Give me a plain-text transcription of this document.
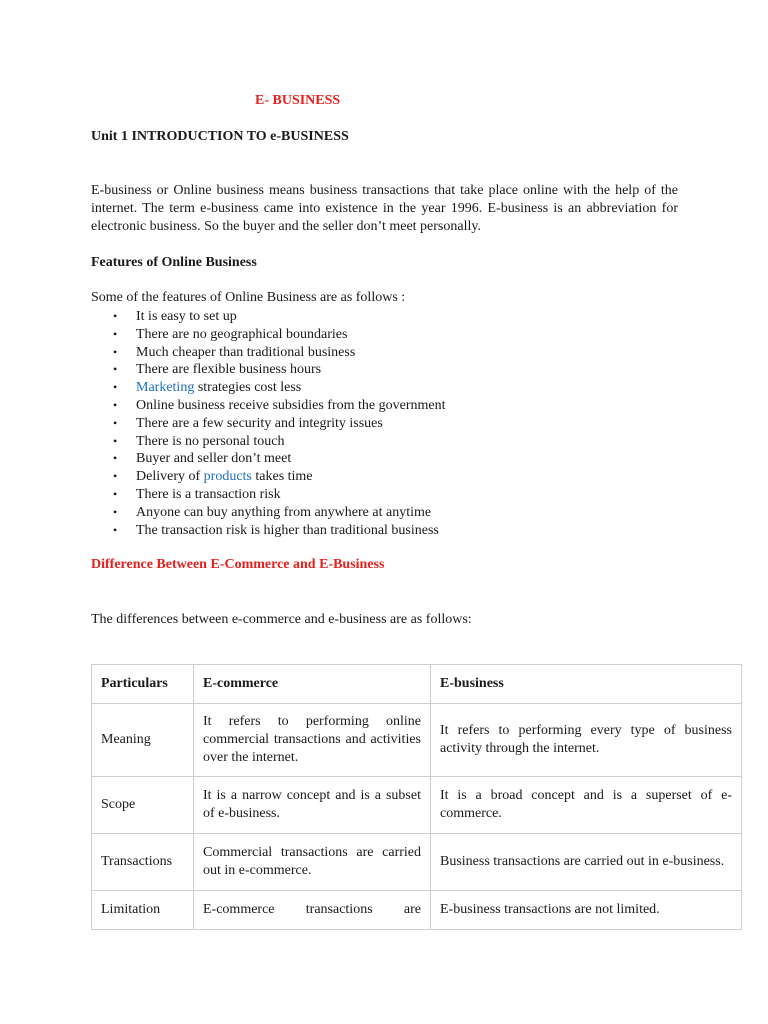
E- BUSINESS

Unit 1 INTRODUCTION TO e-BUSINESS

E-business or Online business means business transactions that take place online with the help of the internet. The term e-business came into existence in the year 1996. E-business is an abbreviation for electronic business. So the buyer and the seller don’t meet personally.

Features of Online Business

Some of the features of Online Business are as follows :

• It is easy to set up
• There are no geographical boundaries
• Much cheaper than traditional business
• There are flexible business hours
• Marketing strategies cost less
• Online business receive subsidies from the government
• There are a few security and integrity issues
• There is no personal touch
• Buyer and seller don’t meet
• Delivery of products takes time
• There is a transaction risk
• Anyone can buy anything from anywhere at anytime
• The transaction risk is higher than traditional business

Difference Between E-Commerce and E-Business

The differences between e-commerce and e-business are as follows:

Particulars	E-commerce	E-business
Meaning	It refers to performing online commercial transactions and activities over the internet.	It refers to performing every type of business activity through the internet.
Scope	It is a narrow concept and is a subset of e-business.	It is a broad concept and is a superset of e-commerce.
Transactions	Commercial transactions are carried out in e-commerce.	Business transactions are carried out in e-business.
Limitation	E-commerce transactions are	E-business transactions are not limited.
